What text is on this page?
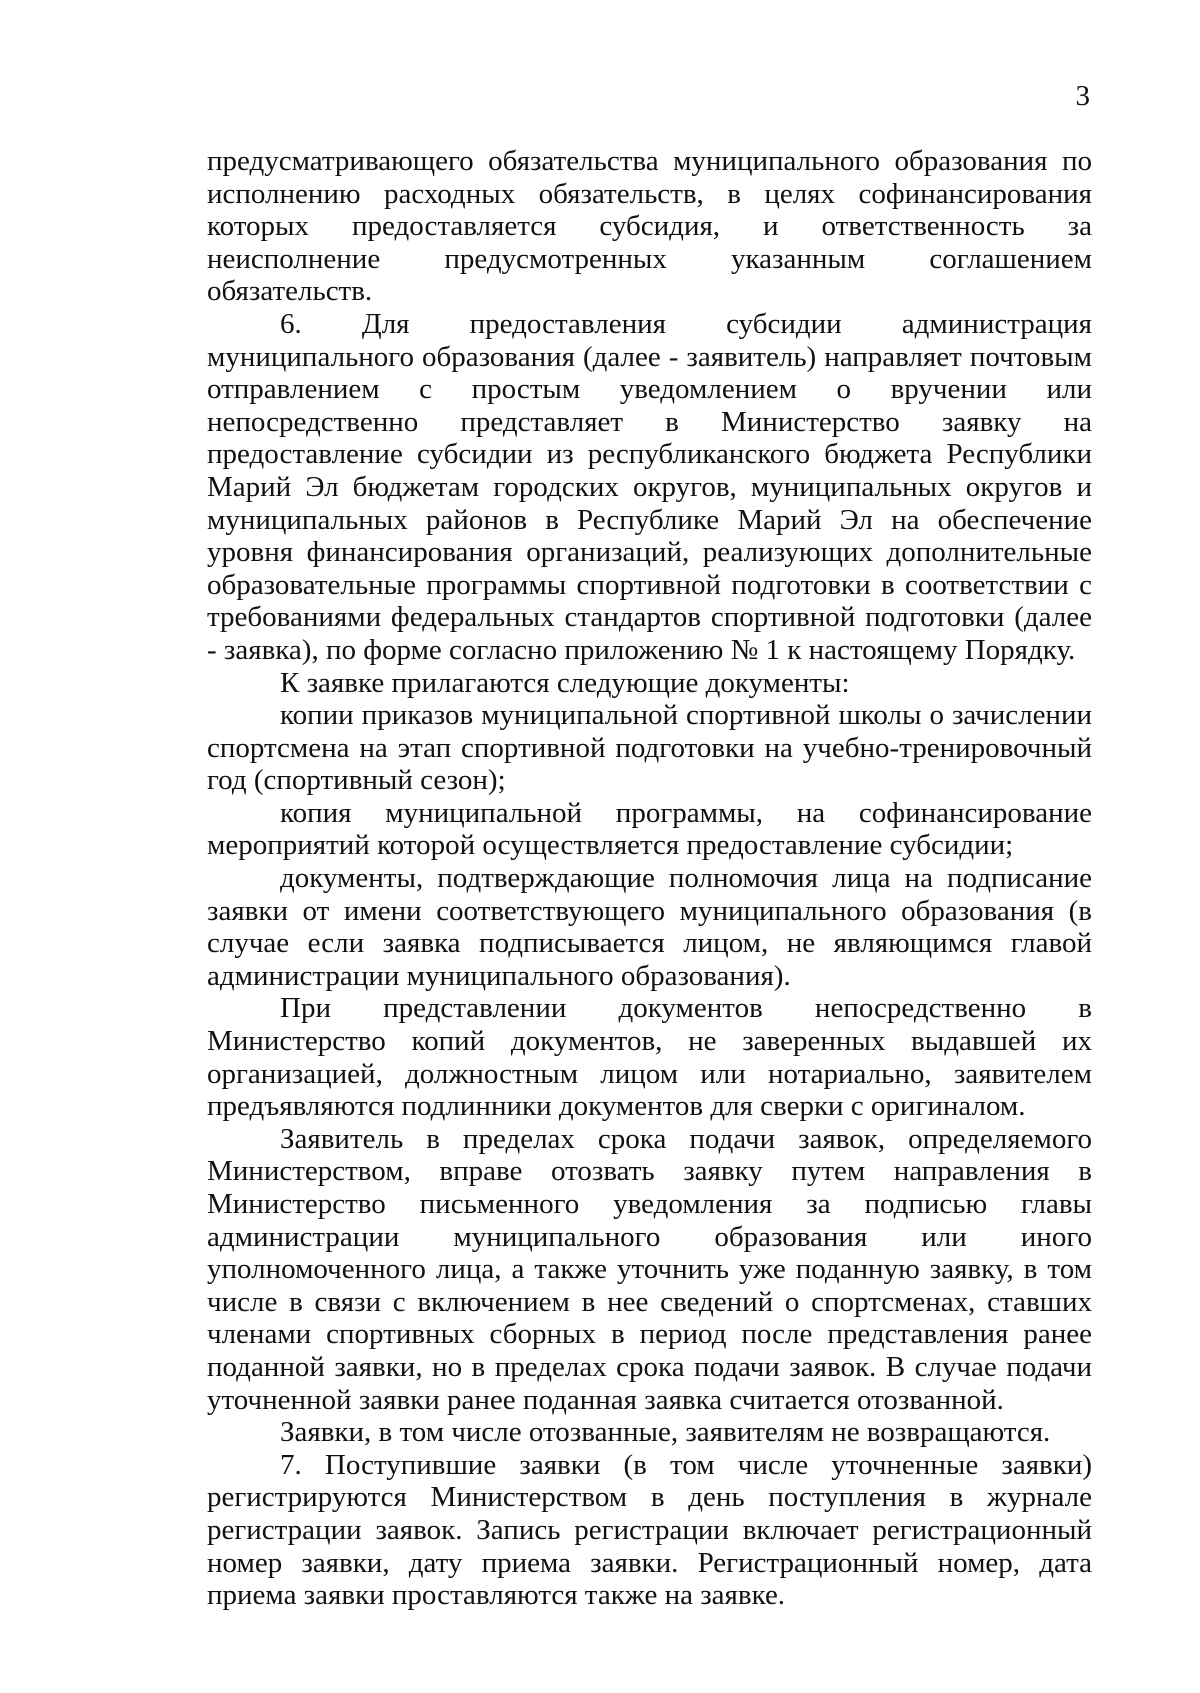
3

предусматривающего обязательства муниципального образования по исполнению расходных обязательств, в целях софинансирования которых предоставляется субсидия, и ответственность за неисполнение предусмотренных указанным соглашением обязательств.

6. Для предоставления субсидии администрация муниципального образования (далее - заявитель) направляет почтовым отправлением с простым уведомлением о вручении или непосредственно представляет в Министерство заявку на предоставление субсидии из республиканского бюджета Республики Марий Эл бюджетам городских округов, муниципальных округов и муниципальных районов в Республике Марий Эл на обеспечение уровня финансирования организаций, реализующих дополнительные образовательные программы спортивной подготовки в соответствии с требованиями федеральных стандартов спортивной подготовки (далее - заявка), по форме согласно приложению № 1 к настоящему Порядку.

К заявке прилагаются следующие документы:

копии приказов муниципальной спортивной школы о зачислении спортсмена на этап спортивной подготовки на учебно-тренировочный год (спортивный сезон);

копия муниципальной программы, на софинансирование мероприятий которой осуществляется предоставление субсидии;

документы, подтверждающие полномочия лица на подписание заявки от имени соответствующего муниципального образования (в случае если заявка подписывается лицом, не являющимся главой администрации муниципального образования).

При представлении документов непосредственно в Министерство копий документов, не заверенных выдавшей их организацией, должностным лицом или нотариально, заявителем предъявляются подлинники документов для сверки с оригиналом.

Заявитель в пределах срока подачи заявок, определяемого Министерством, вправе отозвать заявку путем направления в Министерство письменного уведомления за подписью главы администрации муниципального образования или иного уполномоченного лица, а также уточнить уже поданную заявку, в том числе в связи с включением в нее сведений о спортсменах, ставших членами спортивных сборных в период после представления ранее поданной заявки, но в пределах срока подачи заявок. В случае подачи уточненной заявки ранее поданная заявка считается отозванной.

Заявки, в том числе отозванные, заявителям не возвращаются.

7. Поступившие заявки (в том числе уточненные заявки) регистрируются Министерством в день поступления в журнале регистрации заявок. Запись регистрации включает регистрационный номер заявки, дату приема заявки. Регистрационный номер, дата приема заявки проставляются также на заявке.
